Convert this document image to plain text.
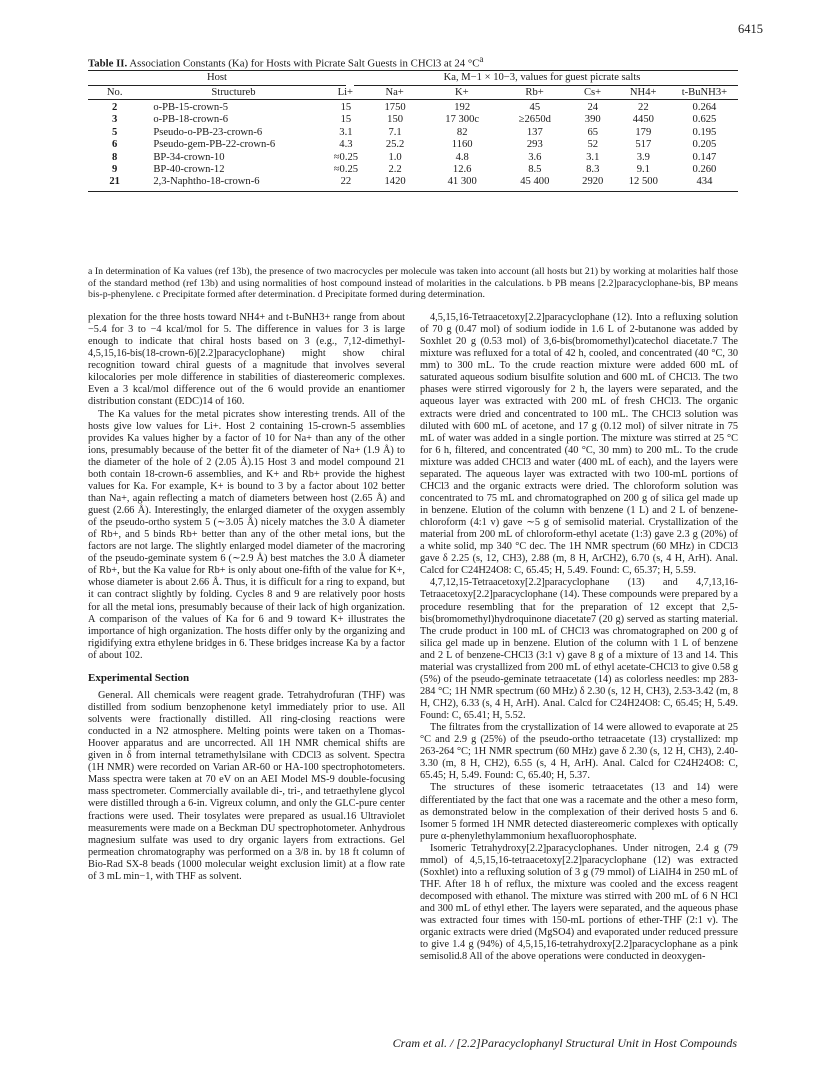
6415
Table II. Association Constants (Ka) for Hosts with Picrate Salt Guests in CHCl3 at 24 $^\circ C^a$
Host	Ka, M−1 × 10−3, values for guest picrate salts
No.	Structureb	Li+	Na+	K+	Rb+	Cs+	NH4+	t-BuNH3+
2	o-PB-15-crown-5	15	1750	192	45	24	22	0.264
3	o-PB-18-crown-6	15	150	17 300c	≥2650d	390	4450	0.625
5	Pseudo-o-PB-23-crown-6	3.1	7.1	82	137	65	179	0.195
6	Pseudo-gem-PB-22-crown-6	4.3	25.2	1160	293	52	517	0.205
8	BP-34-crown-10	≈0.25	1.0	4.8	3.6	3.1	3.9	0.147
9	BP-40-crown-12	≈0.25	2.2	12.6	8.5	8.3	9.1	0.260
21	2,3-Naphtho-18-crown-6	22	1420	41 300	45 400	2920	12 500	434
a In determination of Ka values (ref 13b), the presence of two macrocycles per molecule was taken into account (all hosts but 21) by working at molarities half those of the standard method (ref 13b) and using normalities of host compound instead of molarities in the calculations. b PB means [2.2]paracyclophane-bis, BP means bis-p-phenylene. c Precipitate formed after determination. d Precipitate formed during determination.

plexation for the three hosts toward NH4+ and t-BuNH3+ range from about −5.4 for 3 to −4 kcal/mol for 5. The difference in values for 3 is large enough to indicate that chiral hosts based on 3 (e.g., 7,12-dimethyl-4,5,15,16-bis(18-crown-6)[2.2]paracyclophane) might show chiral recognition toward chiral guests of a magnitude that involves several kilocalories per mole difference in stabilities of diastereomeric complexes. Even a 3 kcal/mol difference out of the 6 would provide an enantiomer distribution constant (EDC)14 of 160.

The Ka values for the metal picrates show interesting trends. All of the hosts give low values for Li+. Host 2 containing 15-crown-5 assemblies provides Ka values higher by a factor of 10 for Na+ than any of the other ions, presumably because of the better fit of the diameter of Na+ (1.9 Å) to the diameter of the hole of 2 (2.05 Å).15 Host 3 and model compound 21 both contain 18-crown-6 assemblies, and K+ and Rb+ provide the highest values for Ka. For example, K+ is bound to 3 by a factor about 102 better than Na+, again reflecting a match of diameters between host (2.65 Å) and guest (2.66 Å). Interestingly, the enlarged diameter of the oxygen assembly of the pseudo-ortho system 5 (∼3.05 Å) nicely matches the 3.0 Å diameter of Rb+, and 5 binds Rb+ better than any of the other metal ions, but the factors are not large. The slightly enlarged model diameter of the macroring of the pseudo-geminate system 6 (∼2.9 Å) best matches the 3.0 Å diameter of Rb+, but the Ka value for Rb+ is only about one-fifth of the value for K+, whose diameter is about 2.66 Å. Thus, it is difficult for a ring to expand, but it can contract slightly by folding. Cycles 8 and 9 are relatively poor hosts for all the metal ions, presumably because of their lack of high organization. A comparison of the values of Ka for 6 and 9 toward K+ illustrates the importance of high organization. The hosts differ only by the organizing and rigidifying extra ethylene bridges in 6. These bridges increase Ka by a factor of about 102.

Experimental Section

General. All chemicals were reagent grade. Tetrahydrofuran (THF) was distilled from sodium benzophenone ketyl immediately prior to use. All solvents were fractionally distilled. All ring-closing reactions were conducted in a N2 atmosphere. Melting points were taken on a Thomas-Hoover apparatus and are uncorrected. All 1H NMR chemical shifts are given in δ from internal tetramethylsilane with CDCl3 as solvent. Spectra (1H NMR) were recorded on Varian AR-60 or HA-100 spectrophotometers. Mass spectra were taken at 70 eV on an AEI Model MS-9 double-focusing mass spectrometer. Commercially available di-, tri-, and tetraethylene glycol were distilled through a 6-in. Vigreux column, and only the GLC-pure center fractions were used. Their tosylates were prepared as usual.16 Ultraviolet measurements were made on a Beckman DU spectrophotometer. Anhydrous magnesium sulfate was used to dry organic layers from extractions. Gel permeation chromatography was performed on a 3/8 in. by 18 ft column of Bio-Rad SX-8 beads (1000 molecular weight exclusion limit) at a flow rate of 3 mL min−1, with THF as solvent.

4,5,15,16-Tetraacetoxy[2.2]paracyclophane (12). Into a refluxing solution of 70 g (0.47 mol) of sodium iodide in 1.6 L of 2-butanone was added by Soxhlet 20 g (0.53 mol) of 3,6-bis(bromomethyl)catechol diacetate.7 The mixture was refluxed for a total of 42 h, cooled, and concentrated (40 °C, 30 mm) to 300 mL. To the crude reaction mixture were added 600 mL of saturated aqueous sodium bisulfite solution and 600 mL of CHCl3. The two phases were stirred vigorously for 2 h, the layers were separated, and the aqueous layer was extracted with 200 mL of fresh CHCl3. The organic extracts were dried and concentrated to 100 mL. The CHCl3 solution was diluted with 600 mL of acetone, and 17 g (0.12 mol) of silver nitrate in 75 mL of water was added in a single portion. The mixture was stirred at 25 °C for 6 h, filtered, and concentrated (40 °C, 30 mm) to 200 mL. To the crude mixture was added CHCl3 and water (400 mL of each), and the layers were separated. The aqueous layer was extracted with two 100-mL portions of CHCl3 and the organic extracts were dried. The chloroform solution was concentrated to 75 mL and chromatographed on 200 g of silica gel made up in benzene. Elution of the column with benzene (1 L) and 2 L of benzene-chloroform (4:1 v) gave ∼5 g of semisolid material. Crystallization of the material from 200 mL of chloroform-ethyl acetate (1:3) gave 2.3 g (20%) of a white solid, mp 340 °C dec. The 1H NMR spectrum (60 MHz) in CDCl3 gave δ 2.25 (s, 12, CH3), 2.88 (m, 8 H, ArCH2), 6.70 (s, 4 H, ArH). Anal. Calcd for C24H24O8: C, 65.45; H, 5.49. Found: C, 65.37; H, 5.59.

4,7,12,15-Tetraacetoxy[2.2]paracyclophane (13) and 4,7,13,16-Tetraacetoxy[2.2]paracyclophane (14). These compounds were prepared by a procedure resembling that for the preparation of 12 except that 2,5-bis(bromomethyl)hydroquinone diacetate7 (20 g) served as starting material. The crude product in 100 mL of CHCl3 was chromatographed on 200 g of silica gel made up in benzene. Elution of the column with 1 L of benzene and 2 L of benzene-CHCl3 (3:1 v) gave 8 g of a mixture of 13 and 14. This material was crystallized from 200 mL of ethyl acetate-CHCl3 to give 0.58 g (5%) of the pseudo-geminate tetraacetate (14) as colorless needles: mp 283-284 °C; 1H NMR spectrum (60 MHz) δ 2.30 (s, 12 H, CH3), 2.53-3.42 (m, 8 H, CH2), 6.33 (s, 4 H, ArH). Anal. Calcd for C24H24O8: C, 65.45; H, 5.49. Found: C, 65.41; H, 5.52.

The filtrates from the crystallization of 14 were allowed to evaporate at 25 °C and 2.9 g (25%) of the pseudo-ortho tetraacetate (13) crystallized: mp 263-264 °C; 1H NMR spectrum (60 MHz) gave δ 2.30 (s, 12 H, CH3), 2.40-3.30 (m, 8 H, CH2), 6.55 (s, 4 H, ArH). Anal. Calcd for C24H24O8: C, 65.45; H, 5.49. Found: C, 65.40; H, 5.37.

The structures of these isomeric tetraacetates (13 and 14) were differentiated by the fact that one was a racemate and the other a meso form, as demonstrated below in the complexation of their derived hosts 5 and 6. Isomer 5 formed 1H NMR detected diastereomeric complexes with optically pure α-phenylethylammonium hexafluorophosphate.

Isomeric Tetrahydroxy[2.2]paracyclophanes. Under nitrogen, 2.4 g (79 mmol) of 4,5,15,16-tetraacetoxy[2.2]paracyclophane (12) was extracted (Soxhlet) into a refluxing solution of 3 g (79 mmol) of LiAlH4 in 250 mL of THF. After 18 h of reflux, the mixture was cooled and the excess reagent decomposed with ethanol. The mixture was stirred with 200 mL of 6 N HCl and 300 mL of ethyl ether. The layers were separated, and the aqueous phase was extracted four times with 150-mL portions of ether-THF (2:1 v). The organic extracts were dried (MgSO4) and evaporated under reduced pressure to give 1.4 g (94%) of 4,5,15,16-tetrahydroxy[2.2]paracyclophane as a pink semisolid.8 All of the above operations were conducted in deoxygen-

Cram et al. / [2.2]Paracyclophanyl Structural Unit in Host Compounds
